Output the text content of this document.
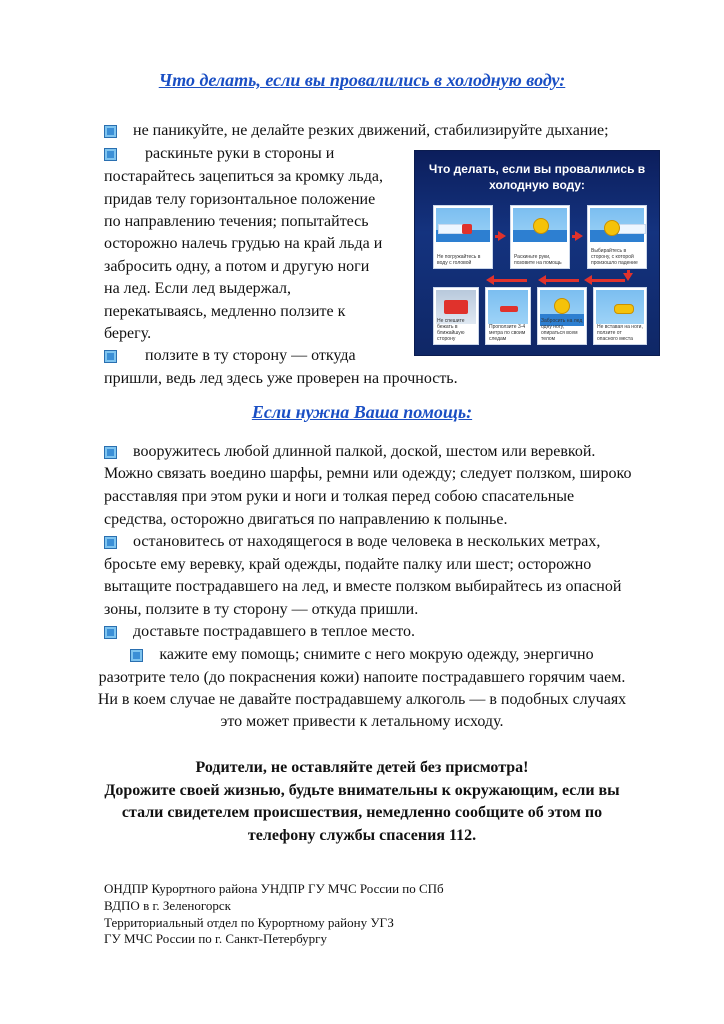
Что делать, если вы провалились в холодную воду:
не паникуйте, не делайте резких движений, стабилизируйте дыхание;
раскиньте руки в стороны и
постарайтесь зацепиться за кромку льда,
придав телу горизонтальное положение
по направлению течения; попытайтесь
осторожно налечь грудью на край льда и
забросить одну, а потом и другую ноги
на лед. Если лед выдержал,
перекатываясь, медленно ползите к
берегу.
ползите в ту сторону — откуда
пришли, ведь лед здесь уже проверен на прочность.
Что делать, если вы провалились в холодную воду:
Не погружайтесь в воду с головой
Раскиньте руки, позовите на помощь
Выбирайтесь в сторону, с которой произошло падение
Не спешите бежать в ближайшую сторону
Проползите 3-4 метра по своим следам
Забросить на лед одну ногу, опираться всем телом
Не вставая на ноги, ползите от опасного места
Если нужна Ваша помощь:
вооружитесь любой длинной палкой, доской, шестом или веревкой.
Можно связать воедино шарфы, ремни или одежду; следует ползком, широко
расставляя при этом руки и ноги и толкая перед собою спасательные
средства, осторожно двигаться по направлению к полынье.
остановитесь от находящегося в воде человека в нескольких метрах,
бросьте ему веревку, край одежды, подайте палку или шест; осторожно
вытащите пострадавшего на лед, и вместе ползком выбирайтесь из опасной
зоны, ползите в ту сторону — откуда пришли.
доставьте пострадавшего в теплое место.
кажите ему помощь; снимите с него мокрую одежду, энергично
разотрите тело (до покраснения кожи) напоите пострадавшего горячим чаем.
Ни в коем случае не давайте пострадавшему алкоголь — в подобных случаях
это может привести к летальному исходу.
Родители, не оставляйте детей без присмотра!
Дорожите своей жизнью, будьте внимательны к окружающим, если вы
стали свидетелем происшествия, немедленно сообщите об этом по
телефону службы спасения 112.
ОНДПР Курортного района УНДПР ГУ МЧС России по СПб
ВДПО в г. Зеленогорск
Территориальный отдел по Курортному району УГЗ
ГУ МЧС России по г. Санкт-Петербургу
